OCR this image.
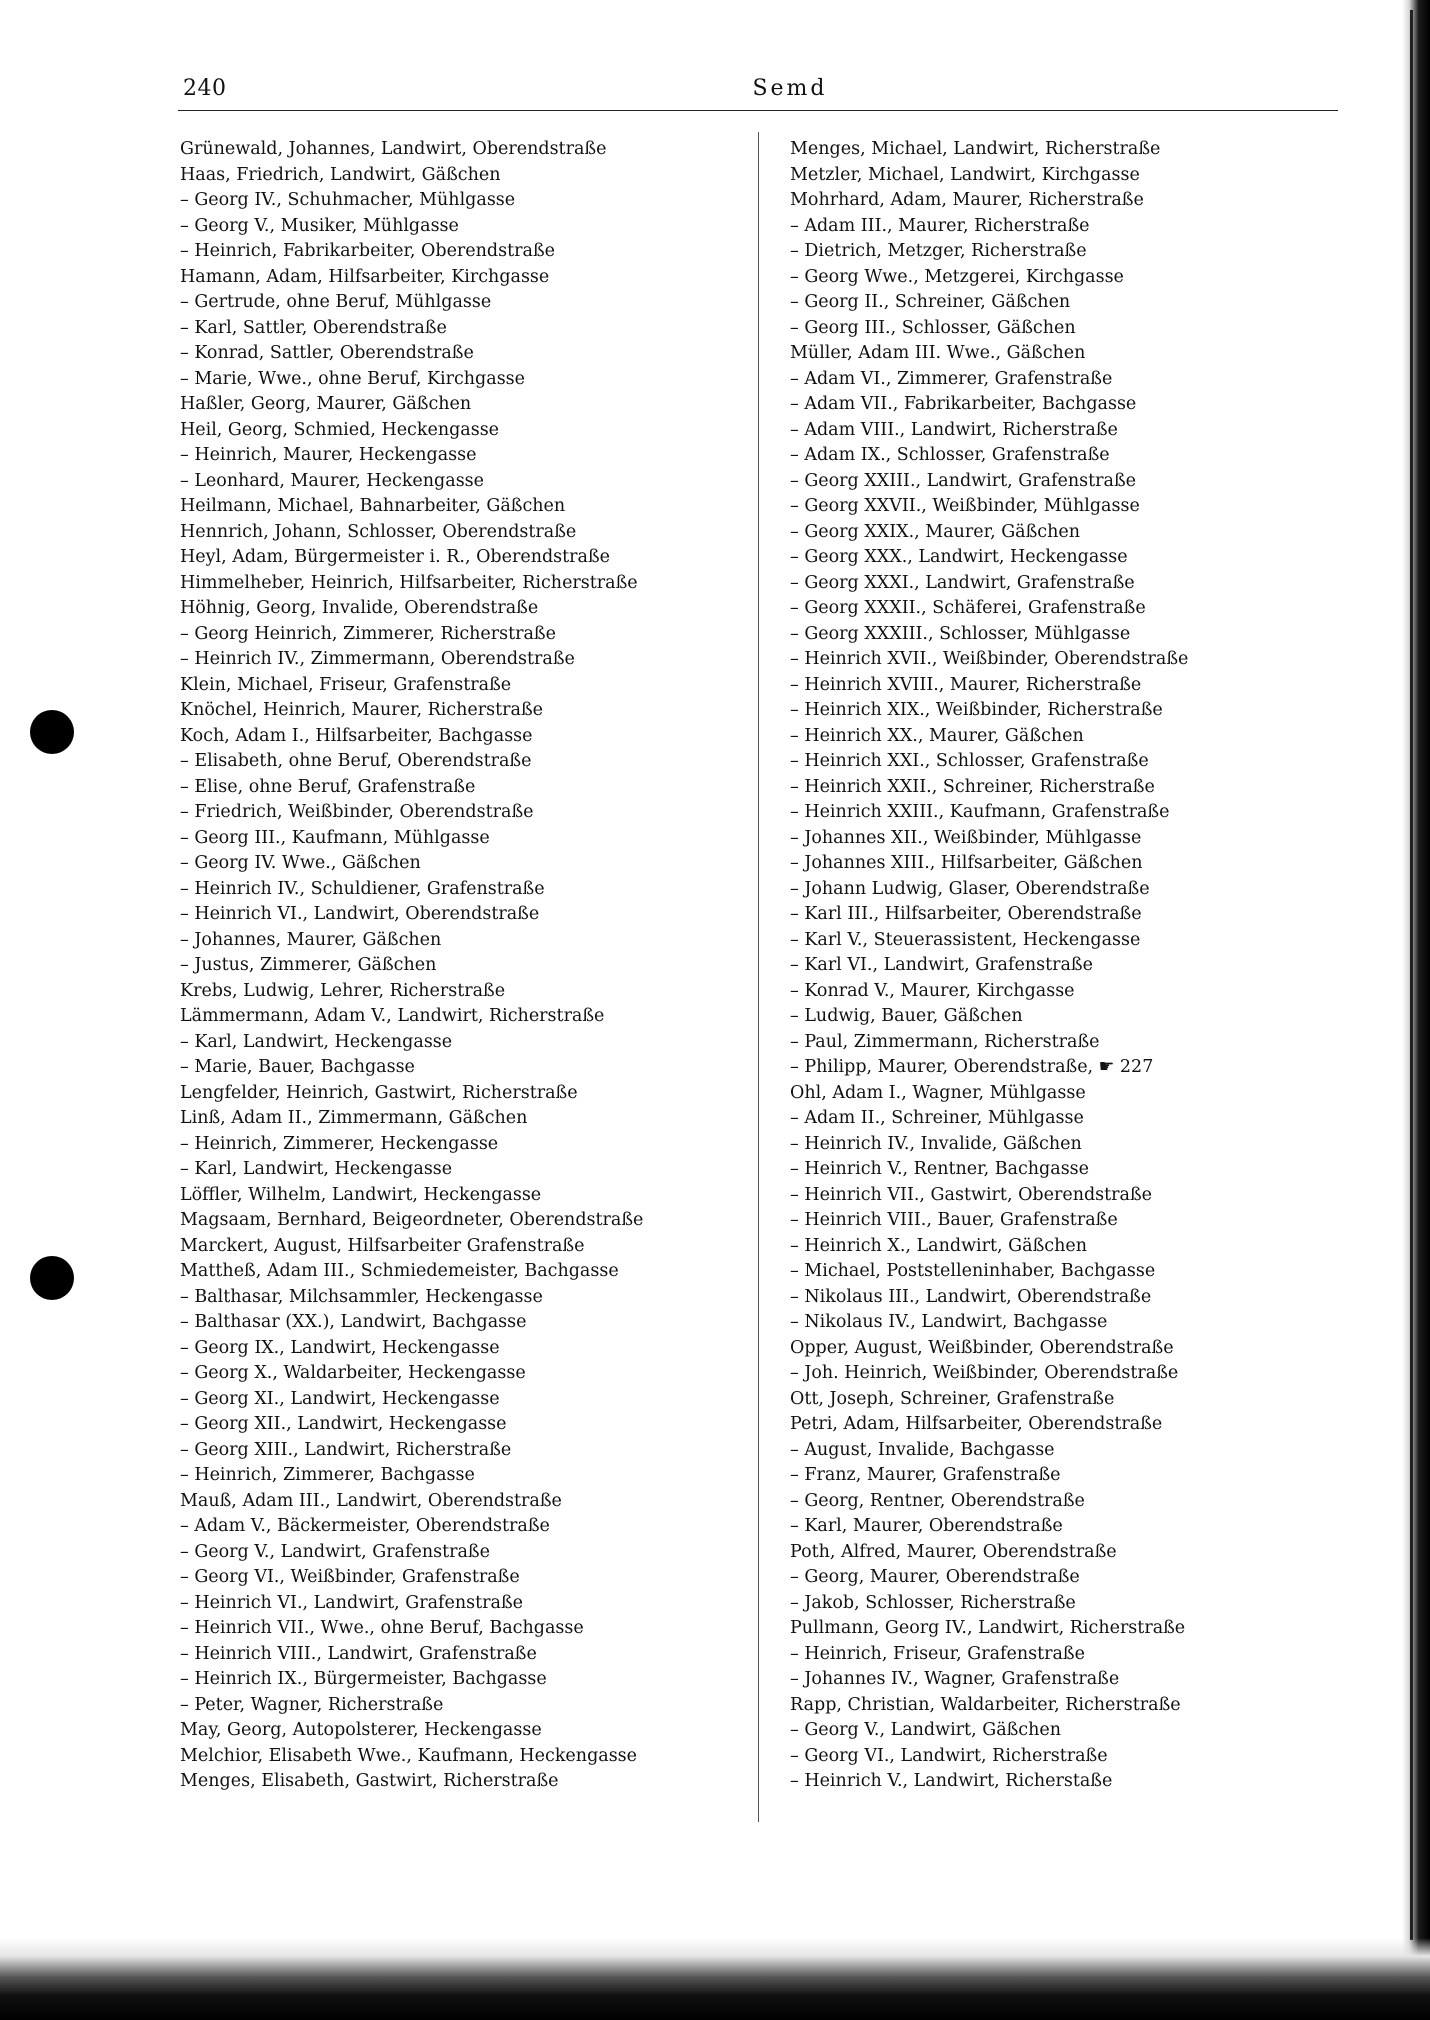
240	Semd
Grünewald, Johannes, Landwirt, Oberendstraße
Haas, Friedrich, Landwirt, Gäßchen
– Georg IV., Schuhmacher, Mühlgasse
– Georg V., Musiker, Mühlgasse
– Heinrich, Fabrikarbeiter, Oberendstraße
Hamann, Adam, Hilfsarbeiter, Kirchgasse
– Gertrude, ohne Beruf, Mühlgasse
– Karl, Sattler, Oberendstraße
– Konrad, Sattler, Oberendstraße
– Marie, Wwe., ohne Beruf, Kirchgasse
Haßler, Georg, Maurer, Gäßchen
Heil, Georg, Schmied, Heckengasse
– Heinrich, Maurer, Heckengasse
– Leonhard, Maurer, Heckengasse
Heilmann, Michael, Bahnarbeiter, Gäßchen
Hennrich, Johann, Schlosser, Oberendstraße
Heyl, Adam, Bürgermeister i. R., Oberendstraße
Himmelheber, Heinrich, Hilfsarbeiter, Richerstraße
Höhnig, Georg, Invalide, Oberendstraße
– Georg Heinrich, Zimmerer, Richerstraße
– Heinrich IV., Zimmermann, Oberendstraße
Klein, Michael, Friseur, Grafenstraße
Knöchel, Heinrich, Maurer, Richerstraße
Koch, Adam I., Hilfsarbeiter, Bachgasse
– Elisabeth, ohne Beruf, Oberendstraße
– Elise, ohne Beruf, Grafenstraße
– Friedrich, Weißbinder, Oberendstraße
– Georg III., Kaufmann, Mühlgasse
– Georg IV. Wwe., Gäßchen
– Heinrich IV., Schuldiener, Grafenstraße
– Heinrich VI., Landwirt, Oberendstraße
– Johannes, Maurer, Gäßchen
– Justus, Zimmerer, Gäßchen
Krebs, Ludwig, Lehrer, Richerstraße
Lämmermann, Adam V., Landwirt, Richerstraße
– Karl, Landwirt, Heckengasse
– Marie, Bauer, Bachgasse
Lengfelder, Heinrich, Gastwirt, Richerstraße
Linß, Adam II., Zimmermann, Gäßchen
– Heinrich, Zimmerer, Heckengasse
– Karl, Landwirt, Heckengasse
Löffler, Wilhelm, Landwirt, Heckengasse
Magsaam, Bernhard, Beigeordneter, Oberendstraße
Marckert, August, Hilfsarbeiter Grafenstraße
Mattheß, Adam III., Schmiedemeister, Bachgasse
– Balthasar, Milchsammler, Heckengasse
– Balthasar (XX.), Landwirt, Bachgasse
– Georg IX., Landwirt, Heckengasse
– Georg X., Waldarbeiter, Heckengasse
– Georg XI., Landwirt, Heckengasse
– Georg XII., Landwirt, Heckengasse
– Georg XIII., Landwirt, Richerstraße
– Heinrich, Zimmerer, Bachgasse
Mauß, Adam III., Landwirt, Oberendstraße
– Adam V., Bäckermeister, Oberendstraße
– Georg V., Landwirt, Grafenstraße
– Georg VI., Weißbinder, Grafenstraße
– Heinrich VI., Landwirt, Grafenstraße
– Heinrich VII., Wwe., ohne Beruf, Bachgasse
– Heinrich VIII., Landwirt, Grafenstraße
– Heinrich IX., Bürgermeister, Bachgasse
– Peter, Wagner, Richerstraße
May, Georg, Autopolsterer, Heckengasse
Melchior, Elisabeth Wwe., Kaufmann, Heckengasse
Menges, Elisabeth, Gastwirt, Richerstraße
Menges, Michael, Landwirt, Richerstraße
Metzler, Michael, Landwirt, Kirchgasse
Mohrhard, Adam, Maurer, Richerstraße
– Adam III., Maurer, Richerstraße
– Dietrich, Metzger, Richerstraße
– Georg Wwe., Metzgerei, Kirchgasse
– Georg II., Schreiner, Gäßchen
– Georg III., Schlosser, Gäßchen
Müller, Adam III. Wwe., Gäßchen
– Adam VI., Zimmerer, Grafenstraße
– Adam VII., Fabrikarbeiter, Bachgasse
– Adam VIII., Landwirt, Richerstraße
– Adam IX., Schlosser, Grafenstraße
– Georg XXIII., Landwirt, Grafenstraße
– Georg XXVII., Weißbinder, Mühlgasse
– Georg XXIX., Maurer, Gäßchen
– Georg XXX., Landwirt, Heckengasse
– Georg XXXI., Landwirt, Grafenstraße
– Georg XXXII., Schäferei, Grafenstraße
– Georg XXXIII., Schlosser, Mühlgasse
– Heinrich XVII., Weißbinder, Oberendstraße
– Heinrich XVIII., Maurer, Richerstraße
– Heinrich XIX., Weißbinder, Richerstraße
– Heinrich XX., Maurer, Gäßchen
– Heinrich XXI., Schlosser, Grafenstraße
– Heinrich XXII., Schreiner, Richerstraße
– Heinrich XXIII., Kaufmann, Grafenstraße
– Johannes XII., Weißbinder, Mühlgasse
– Johannes XIII., Hilfsarbeiter, Gäßchen
– Johann Ludwig, Glaser, Oberendstraße
– Karl III., Hilfsarbeiter, Oberendstraße
– Karl V., Steuerassistent, Heckengasse
– Karl VI., Landwirt, Grafenstraße
– Konrad V., Maurer, Kirchgasse
– Ludwig, Bauer, Gäßchen
– Paul, Zimmermann, Richerstraße
– Philipp, Maurer, Oberendstraße, ☛ 227
Ohl, Adam I., Wagner, Mühlgasse
– Adam II., Schreiner, Mühlgasse
– Heinrich IV., Invalide, Gäßchen
– Heinrich V., Rentner, Bachgasse
– Heinrich VII., Gastwirt, Oberendstraße
– Heinrich VIII., Bauer, Grafenstraße
– Heinrich X., Landwirt, Gäßchen
– Michael, Poststelleninhaber, Bachgasse
– Nikolaus III., Landwirt, Oberendstraße
– Nikolaus IV., Landwirt, Bachgasse
Opper, August, Weißbinder, Oberendstraße
– Joh. Heinrich, Weißbinder, Oberendstraße
Ott, Joseph, Schreiner, Grafenstraße
Petri, Adam, Hilfsarbeiter, Oberendstraße
– August, Invalide, Bachgasse
– Franz, Maurer, Grafenstraße
– Georg, Rentner, Oberendstraße
– Karl, Maurer, Oberendstraße
Poth, Alfred, Maurer, Oberendstraße
– Georg, Maurer, Oberendstraße
– Jakob, Schlosser, Richerstraße
Pullmann, Georg IV., Landwirt, Richerstraße
– Heinrich, Friseur, Grafenstraße
– Johannes IV., Wagner, Grafenstraße
Rapp, Christian, Waldarbeiter, Richerstraße
– Georg V., Landwirt, Gäßchen
– Georg VI., Landwirt, Richerstraße
– Heinrich V., Landwirt, Richerstaße
